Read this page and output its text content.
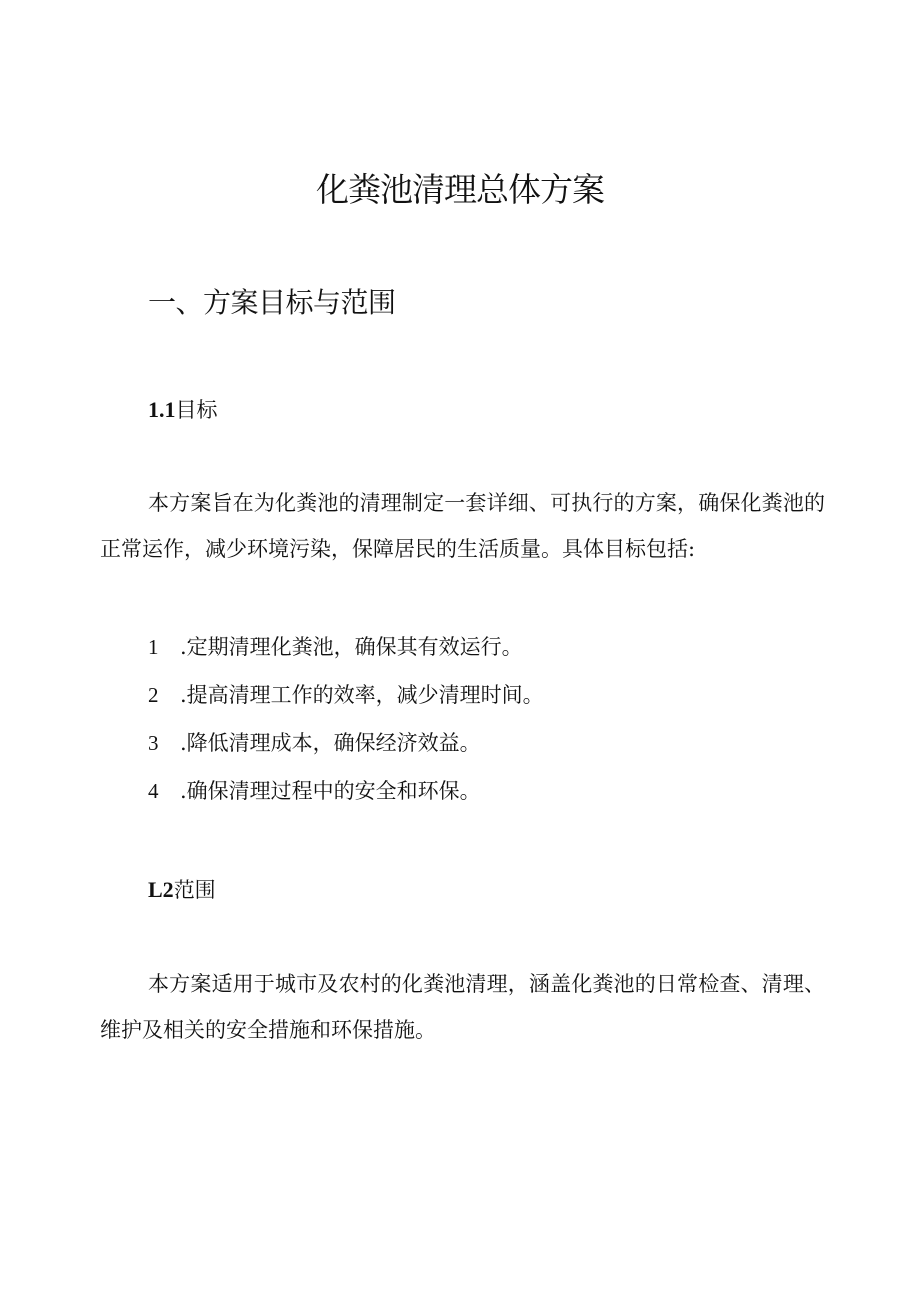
化粪池清理总体方案
一、方案目标与范围
1.1目标

本方案旨在为化粪池的清理制定一套详细、可执行的方案，确保化粪池的正常运作，减少环境污染，保障居民的生活质量。具体目标包括:

1 .定期清理化粪池，确保其有效运行。
2 .提高清理工作的效率，减少清理时间。
3 .降低清理成本，确保经济效益。
4 .确保清理过程中的安全和环保。
L2范围

本方案适用于城市及农村的化粪池清理，涵盖化粪池的日常检查、清理、维护及相关的安全措施和环保措施。
